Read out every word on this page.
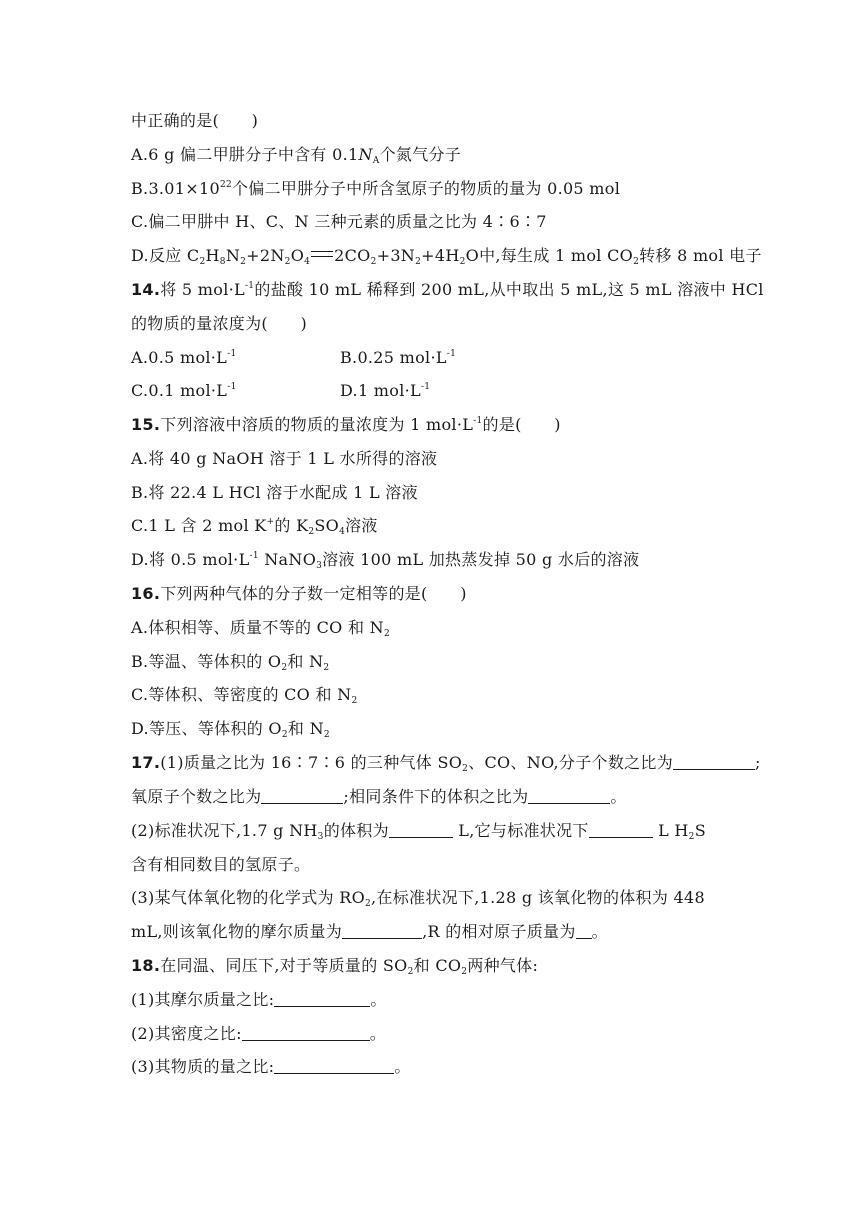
中正确的是(　　)
A.6 g 偏二甲肼分子中含有 $0.1N_A$个氮气分子
$B.3.01\times 10^{22}$个偏二甲肼分子中所含氢原子的物质的量为 0.05 mol
C.偏二甲肼中 H、C、N 三种元素的质量之比为 4∶6∶7
D.反应 $C_2H_8N_2+2N_2O_4$ $2CO_2+3N_2+4H_2O$中,每生成 1 mol $CO_2$转移 8 mol 电子
14.将 5 $mol\cdot L^{-1}$的盐酸 10 mL 稀释到 200 mL,从中取出 5 mL,这 5 mL 溶液中 HCl
的物质的量浓度为(　　)
A.0.5 $mol\cdot L^{-1}$	B.0.25 $mol\cdot L^{-1}$
C.0.1 $mol\cdot L^{-1}$	D.1 $mol\cdot L^{-1}$
15.下列溶液中溶质的物质的量浓度为 1 $mol\cdot L^{-1}$的是(　　)
A.将 40 g NaOH 溶于 1 L 水所得的溶液
B.将 22.4 L HCl 溶于水配成 1 L 溶液
C.1 L 含 2 mol K+的 $K_2SO_4$溶液
D.将 0.5 $mol\cdot L^{-1}$ NaNO$_3$溶液 100 mL 加热蒸发掉 50 g 水后的溶液
16.下列两种气体的分子数一定相等的是(　　)
A.体积相等、质量不等的 CO 和 $N_2$
B.等温、等体积的 $O_2$和 $N_2$
C.等体积、等密度的 CO 和 $N_2$
D.等压、等体积的 $O_2$和 $N_2$
17.(1)质量之比为 16∶7∶6 的三种气体 $SO_2$、CO、NO,分子个数之比为	;
氧原子个数之比为	;相同条件下的体积之比为	。
(2)标准状况下,1.7 g $NH_3$的体积为	L,它与标准状况下	L $H_2S$
含有相同数目的氢原子。
(3)某气体氧化物的化学式为 $RO_2$,在标准状况下,1.28 g 该氧化物的体积为 448
mL,则该氧化物的摩尔质量为	,R 的相对原子质量为 。
18.在同温、同压下,对于等质量的 $SO_2$和 $CO_2$两种气体:
(1)其摩尔质量之比:	。
(2)其密度之比:	。
(3)其物质的量之比:	。
